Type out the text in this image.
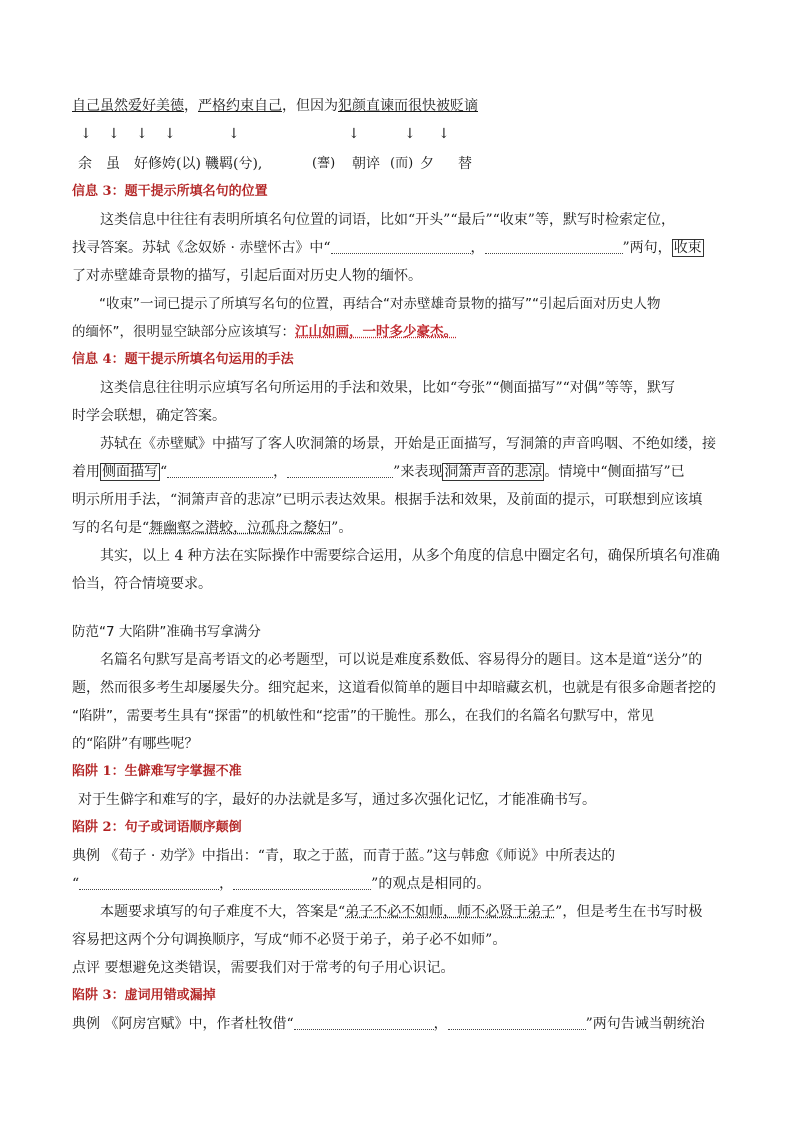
自己虽然爱好美德，严格约束自己，但因为犯颜直谏而很快被贬谪
↓ ↓ ↓ ↓	↓	↓	↓ ↓
余 虽 好修姱(以) 鞿羁(兮),	(謇) 朝谇 (而) 夕 替
信息 3：题干提示所填名句的位置
这类信息中往往有表明所填名句位置的词语，比如“开头”“最后”“收束”等，默写时检索定位，
找寻答案。苏轼《念奴娇 · 赤壁怀古》中“	，	”两句， 收束
了对赤壁雄奇景物的描写，引起后面对历史人物的缅怀。
“收束”一词已提示了所填写名句的位置，再结合“对赤壁雄奇景物的描写”“引起后面对历史人物
的缅怀”，很明显空缺部分应该填写：江山如画，一时多少豪杰。
信息 4：题干提示所填名句运用的手法
这类信息往往明示应填写名句所运用的手法和效果，比如“夸张”“侧面描写”“对偶”等等，默写
时学会联想，确定答案。
苏轼在《赤壁赋》中描写了客人吹洞箫的场景，开始是正面描写，写洞箫的声音呜咽、不绝如缕，接
着用 侧面描写 “	，	”来表现 洞箫声音的悲凉 。情境中“侧面描写”已
明示所用手法，“洞箫声音的悲凉”已明示表达效果。根据手法和效果，及前面的提示，可联想到应该填
写的名句是“舞幽壑之潜蛟，泣孤舟之嫠妇”。
其实，以上 4 种方法在实际操作中需要综合运用，从多个角度的信息中圈定名句，确保所填名句准确
恰当，符合情境要求。
防范“7 大陷阱”准确书写拿满分
名篇名句默写是高考语文的必考题型，可以说是难度系数低、容易得分的题目。这本是道“送分”的
题，然而很多考生却屡屡失分。细究起来，这道看似简单的题目中却暗藏玄机，也就是有很多命题者挖的
“陷阱”，需要考生具有“探雷”的机敏性和“挖雷”的干脆性。那么，在我们的名篇名句默写中，常见
的“陷阱”有哪些呢？
陷阱 1：生僻难写字掌握不准
对于生僻字和难写的字，最好的办法就是多写，通过多次强化记忆，才能准确书写。
陷阱 2：句子或词语顺序颠倒
典例 《荀子 · 劝学》中指出：“青，取之于蓝，而青于蓝。”这与韩愈《师说》中所表达的
“	，	”的观点是相同的。
本题要求填写的句子难度不大，答案是“弟子不必不如师，师不必贤于弟子”，但是考生在书写时极
容易把这两个分句调换顺序，写成“师不必贤于弟子，弟子必不如师”。
点评 要想避免这类错误，需要我们对于常考的句子用心识记。
陷阱 3：虚词用错或漏掉
典例 《阿房宫赋》中，作者杜牧借“	，	”两句告诫当朝统治
